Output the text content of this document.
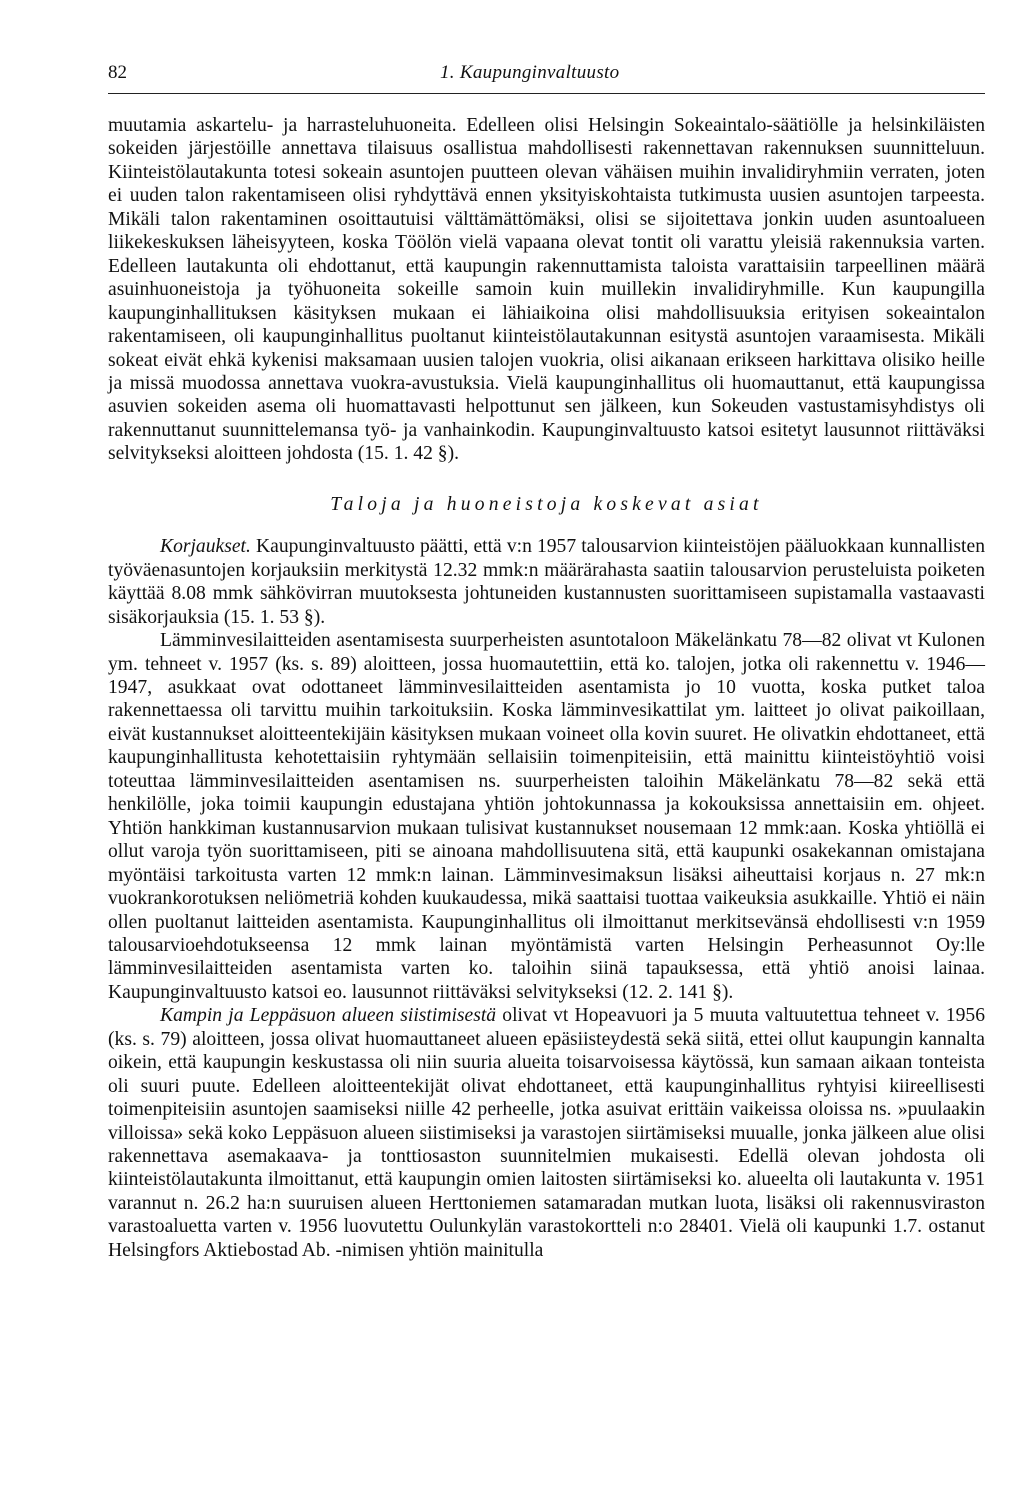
82	1. Kaupunginvaltuusto

muutamia askartelu- ja harrasteluhuoneita. Edelleen olisi Helsingin Sokeaintalo-säätiölle ja helsinkiläisten sokeiden järjestöille annettava tilaisuus osallistua mahdollisesti rakennettavan rakennuksen suunnitteluun. Kiinteistölautakunta totesi sokeain asuntojen puutteen olevan vähäisen muihin invalidiryhmiin verraten, joten ei uuden talon rakentamiseen olisi ryhdyttävä ennen yksityiskohtaista tutkimusta uusien asuntojen tarpeesta. Mikäli talon rakentaminen osoittautuisi välttämättömäksi, olisi se sijoitettava jonkin uuden asuntoalueen liikekeskuksen läheisyyteen, koska Töölön vielä vapaana olevat tontit oli varattu yleisiä rakennuksia varten. Edelleen lautakunta oli ehdottanut, että kaupungin rakennuttamista taloista varattaisiin tarpeellinen määrä asuinhuoneistoja ja työhuoneita sokeille samoin kuin muillekin invalidiryhmille. Kun kaupungilla kaupunginhallituksen käsityksen mukaan ei lähiaikoina olisi mahdollisuuksia erityisen sokeaintalon rakentamiseen, oli kaupunginhallitus puoltanut kiinteistölautakunnan esitystä asuntojen varaamisesta. Mikäli sokeat eivät ehkä kykenisi maksamaan uusien talojen vuokria, olisi aikanaan erikseen harkittava olisiko heille ja missä muodossa annettava vuokra-avustuksia. Vielä kaupunginhallitus oli huomauttanut, että kaupungissa asuvien sokeiden asema oli huomattavasti helpottunut sen jälkeen, kun Sokeuden vastustamisyhdistys oli rakennuttanut suunnittelemansa työ- ja vanhainkodin. Kaupunginvaltuusto katsoi esitetyt lausunnot riittäväksi selvitykseksi aloitteen johdosta (15. 1. 42 §).

Taloja ja huoneistoja koskevat asiat

Korjaukset. Kaupunginvaltuusto päätti, että v:n 1957 talousarvion kiinteistöjen pääluokkaan kunnallisten työväenasuntojen korjauksiin merkitystä 12.32 mmk:n määrärahasta saatiin talousarvion perusteluista poiketen käyttää 8.08 mmk sähkövirran muutoksesta johtuneiden kustannusten suorittamiseen supistamalla vastaavasti sisäkorjauksia (15. 1. 53 §).

Lämminvesilaitteiden asentamisesta suurperheisten asuntotaloon Mäkelänkatu 78—82 olivat vt Kulonen ym. tehneet v. 1957 (ks. s. 89) aloitteen, jossa huomautettiin, että ko. talojen, jotka oli rakennettu v. 1946—1947, asukkaat ovat odottaneet lämminvesilaitteiden asentamista jo 10 vuotta, koska putket taloa rakennettaessa oli tarvittu muihin tarkoituksiin. Koska lämminvesikattilat ym. laitteet jo olivat paikoillaan, eivät kustannukset aloitteentekijäin käsityksen mukaan voineet olla kovin suuret. He olivatkin ehdottaneet, että kaupunginhallitusta kehotettaisiin ryhtymään sellaisiin toimenpiteisiin, että mainittu kiinteistöyhtiö voisi toteuttaa lämminvesilaitteiden asentamisen ns. suurperheisten taloihin Mäkelänkatu 78—82 sekä että henkilölle, joka toimii kaupungin edustajana yhtiön johtokunnassa ja kokouksissa annettaisiin em. ohjeet. Yhtiön hankkiman kustannusarvion mukaan tulisivat kustannukset nousemaan 12 mmk:aan. Koska yhtiöllä ei ollut varoja työn suorittamiseen, piti se ainoana mahdollisuutena sitä, että kaupunki osakekannan omistajana myöntäisi tarkoitusta varten 12 mmk:n lainan. Lämminvesimaksun lisäksi aiheuttaisi korjaus n. 27 mk:n vuokrankorotuksen neliömetriä kohden kuukaudessa, mikä saattaisi tuottaa vaikeuksia asukkaille. Yhtiö ei näin ollen puoltanut laitteiden asentamista. Kaupunginhallitus oli ilmoittanut merkitsevänsä ehdollisesti v:n 1959 talousarvioehdotukseensa 12 mmk lainan myöntämistä varten Helsingin Perheasunnot Oy:lle lämminvesilaitteiden asentamista varten ko. taloihin siinä tapauksessa, että yhtiö anoisi lainaa. Kaupunginvaltuusto katsoi eo. lausunnot riittäväksi selvitykseksi (12. 2. 141 §).

Kampin ja Leppäsuon alueen siistimisestä olivat vt Hopeavuori ja 5 muuta valtuutettua tehneet v. 1956 (ks. s. 79) aloitteen, jossa olivat huomauttaneet alueen epäsiisteydestä sekä siitä, ettei ollut kaupungin kannalta oikein, että kaupungin keskustassa oli niin suuria alueita toisarvoisessa käytössä, kun samaan aikaan tonteista oli suuri puute. Edelleen aloitteentekijät olivat ehdottaneet, että kaupunginhallitus ryhtyisi kiireellisesti toimenpiteisiin asuntojen saamiseksi niille 42 perheelle, jotka asuivat erittäin vaikeissa oloissa ns. »puulaakin villoissa» sekä koko Leppäsuon alueen siistimiseksi ja varastojen siirtämiseksi muualle, jonka jälkeen alue olisi rakennettava asemakaava- ja tonttiosaston suunnitelmien mukaisesti. Edellä olevan johdosta oli kiinteistölautakunta ilmoittanut, että kaupungin omien laitosten siirtämiseksi ko. alueelta oli lautakunta v. 1951 varannut n. 26.2 ha:n suuruisen alueen Herttoniemen satamaradan mutkan luota, lisäksi oli rakennusviraston varastoaluetta varten v. 1956 luovutettu Oulunkylän varastokortteli n:o 28401. Vielä oli kaupunki 1.7. ostanut Helsingfors Aktiebostad Ab. -nimisen yhtiön mainitulla
